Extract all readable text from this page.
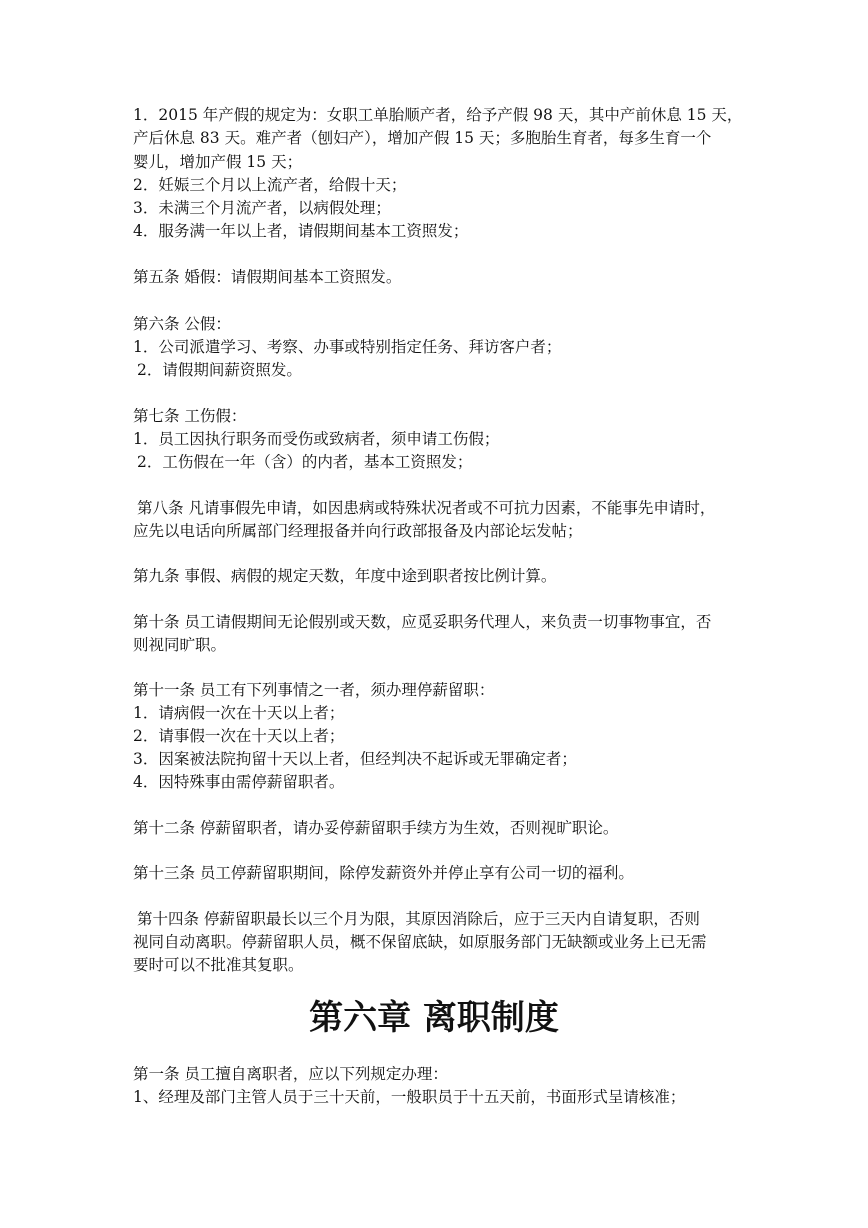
1．2015 年产假的规定为：女职工单胎顺产者，给予产假 98 天，其中产前休息 15 天，
产后休息 83 天。难产者（刨妇产），增加产假 15 天；多胞胎生育者，每多生育一个
婴儿，增加产假 15 天；
2．妊娠三个月以上流产者，给假十天；
3．未满三个月流产者，以病假处理；
4．服务满一年以上者，请假期间基本工资照发；
第五条 婚假：请假期间基本工资照发。
第六条 公假：
1．公司派遣学习、考察、办事或特别指定任务、拜访客户者；
2．请假期间薪资照发。
第七条 工伤假：
1．员工因执行职务而受伤或致病者，须申请工伤假；
2．工伤假在一年（含）的内者，基本工资照发；
第八条 凡请事假先申请，如因患病或特殊状况者或不可抗力因素，不能事先申请时，
应先以电话向所属部门经理报备并向行政部报备及内部论坛发帖；
第九条 事假、病假的规定天数，年度中途到职者按比例计算。
第十条 员工请假期间无论假别或天数，应觅妥职务代理人，来负责一切事物事宜，否
则视同旷职。
第十一条 员工有下列事情之一者，须办理停薪留职：
1．请病假一次在十天以上者；
2．请事假一次在十天以上者；
3．因案被法院拘留十天以上者，但经判决不起诉或无罪确定者；
4．因特殊事由需停薪留职者。
第十二条 停薪留职者，请办妥停薪留职手续方为生效，否则视旷职论。
第十三条 员工停薪留职期间，除停发薪资外并停止享有公司一切的福利。
第十四条 停薪留职最长以三个月为限，其原因消除后，应于三天内自请复职，否则
视同自动离职。停薪留职人员，概不保留底缺，如原服务部门无缺额或业务上已无需
要时可以不批准其复职。
第六章 离职制度
第一条 员工擅自离职者，应以下列规定办理：
1、经理及部门主管人员于三十天前，一般职员于十五天前，书面形式呈请核准；
